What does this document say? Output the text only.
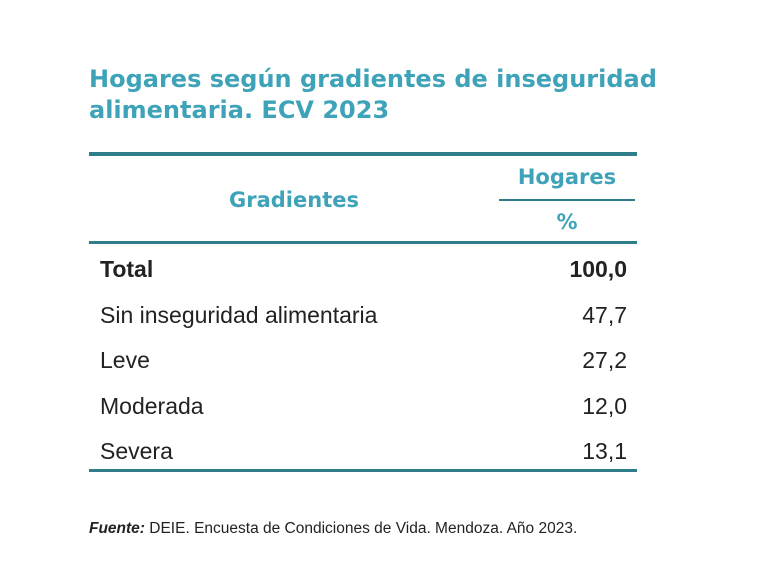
Hogares según gradientes de inseguridad
alimentaria. ECV 2023
Gradientes
Hogares
%
Total	100,0
Sin inseguridad alimentaria	47,7
Leve	27,2
Moderada	12,0
Severa	13,1
Fuente: DEIE. Encuesta de Condiciones de Vida. Mendoza. Año 2023.
